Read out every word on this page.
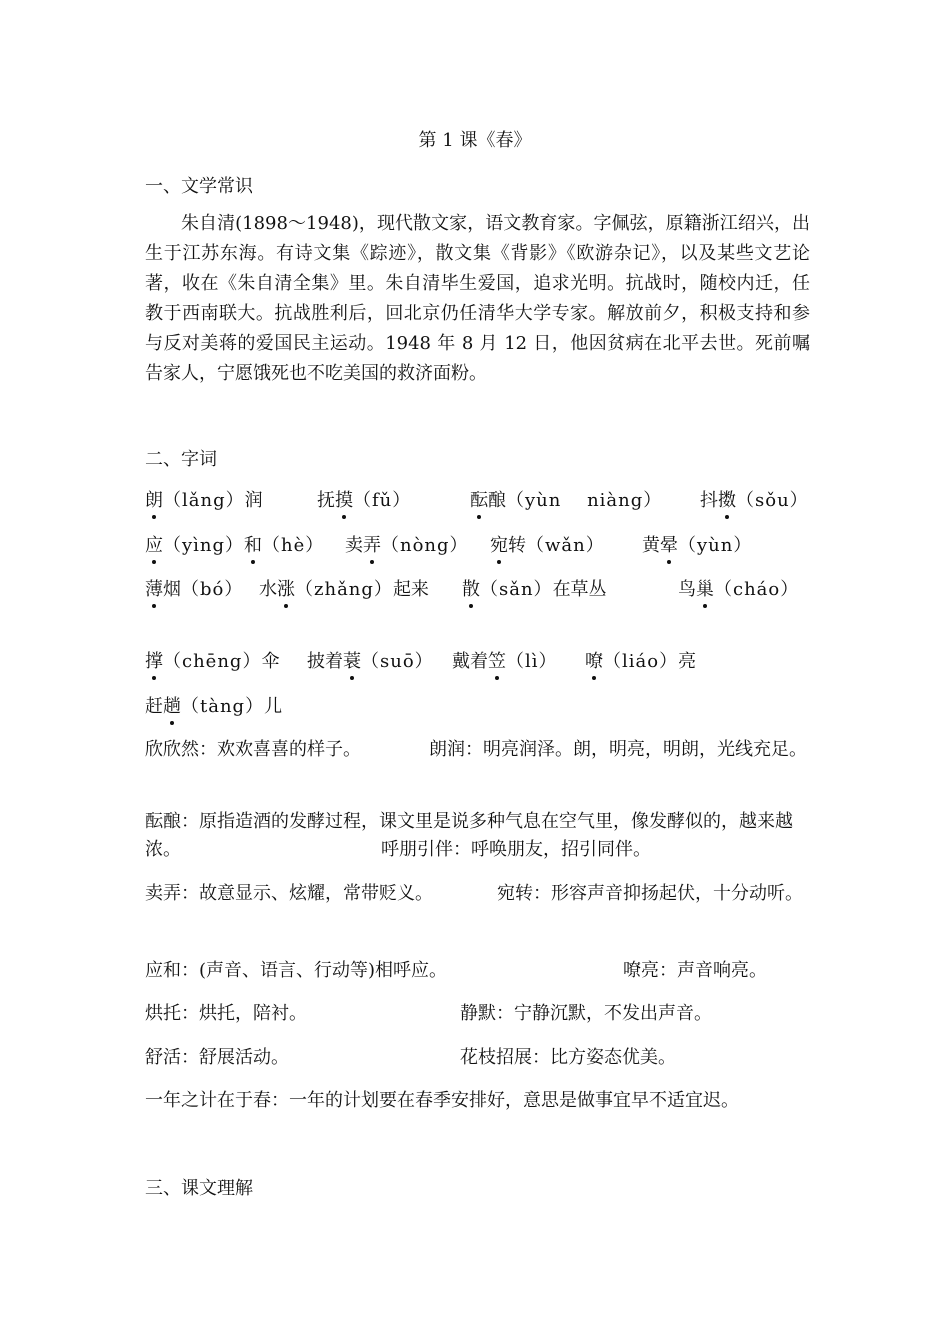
第 1 课《春》
一、文学常识
朱自清(1898～1948)，现代散文家，语文教育家。字佩弦，原籍浙江绍兴，出生于江苏东海。有诗文集《踪迹》，散文集《背影》《欧游杂记》，以及某些文艺论著，收在《朱自清全集》里。朱自清毕生爱国，追求光明。抗战时，随校内迁，任教于西南联大。抗战胜利后，回北京仍任清华大学专家。解放前夕，积极支持和参与反对美蒋的爱国民主运动。1948 年 8 月 12 日，他因贫病在北平去世。死前嘱告家人，宁愿饿死也不吃美国的救济面粉。
二、字词
朗（lǎng）润	抚摸（fǔ）	酝酿（yùn　 niàng） 抖擞（sǒu）
应（yìng）和（hè） 卖弄（nòng） 宛转（wǎn） 黄晕（yùn）
薄烟（bó） 水涨（zhǎng）起来 散（sǎn）在草丛	鸟巢（cháo）
撑（chēng）伞 披着蓑（suō） 戴着笠（lì） 嘹（liáo）亮
赶趟（tàng）儿
欣欣然：欢欢喜喜的样子。	朗润：明亮润泽。朗，明亮，明朗，光线充足。
酝酿：原指造酒的发酵过程，课文里是说多种气息在空气里，像发酵似的，越来越浓。	呼朋引伴：呼唤朋友，招引同伴。
卖弄：故意显示、炫耀，常带贬义。	宛转：形容声音抑扬起伏，十分动听。
应和：(声音、语言、行动等)相呼应。	嘹亮：声音响亮。
烘托：烘托，陪衬。	静默：宁静沉默，不发出声音。
舒活：舒展活动。	花枝招展：比方姿态优美。
一年之计在于春：一年的计划要在春季安排好，意思是做事宜早不适宜迟。
三、课文理解
